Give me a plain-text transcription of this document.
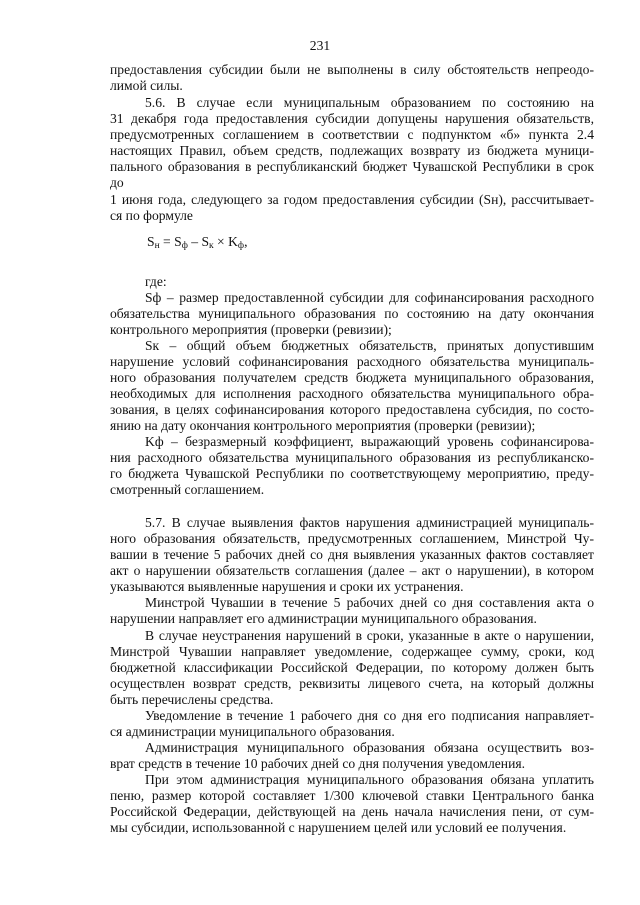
231
предоставления субсидии были не выполнены в силу обстоятельств непреодо-
лимой силы.
5.6. В случае если муниципальным образованием по состоянию на
31 декабря года предоставления субсидии допущены нарушения обязательств,
предусмотренных соглашением в соответствии с подпунктом «б» пункта 2.4
настоящих Правил, объем средств, подлежащих возврату из бюджета муници-
пального образования в республиканский бюджет Чувашской Республики в срок
до
1 июня года, следующего за годом предоставления субсидии (Sн), рассчитывает-
ся по формуле
$S_н = S_ф - S_к \times K_ф$,
где:
Sф – размер предоставленной субсидии для софинансирования расходного
обязательства муниципального образования по состоянию на дату окончания
контрольного мероприятия (проверки (ревизии);
Sк – общий объем бюджетных обязательств, принятых допустившим
нарушение условий софинансирования расходного обязательства муниципаль-
ного образования получателем средств бюджета муниципального образования,
необходимых для исполнения расходного обязательства муниципального обра-
зования, в целях софинансирования которого предоставлена субсидия, по состо-
янию на дату окончания контрольного мероприятия (проверки (ревизии);
Kф – безразмерный коэффициент, выражающий уровень софинансирова-
ния расходного обязательства муниципального образования из республиканско-
го бюджета Чувашской Республики по соответствующему мероприятию, преду-
смотренный соглашением.
5.7. В случае выявления фактов нарушения администрацией муниципаль-
ного образования обязательств, предусмотренных соглашением, Минстрой Чу-
вашии в течение 5 рабочих дней со дня выявления указанных фактов составляет
акт о нарушении обязательств соглашения (далее – акт о нарушении), в котором
указываются выявленные нарушения и сроки их устранения.
Минстрой Чувашии в течение 5 рабочих дней со дня составления акта о
нарушении направляет его администрации муниципального образования.
В случае неустранения нарушений в сроки, указанные в акте о нарушении,
Минстрой Чувашии направляет уведомление, содержащее сумму, сроки, код
бюджетной классификации Российской Федерации, по которому должен быть
осуществлен возврат средств, реквизиты лицевого счета, на который должны
быть перечислены средства.
Уведомление в течение 1 рабочего дня со дня его подписания направляет-
ся администрации муниципального образования.
Администрация муниципального образования обязана осуществить воз-
врат средств в течение 10 рабочих дней со дня получения уведомления.
При этом администрация муниципального образования обязана уплатить
пеню, размер которой составляет 1/300 ключевой ставки Центрального банка
Российской Федерации, действующей на день начала начисления пени, от сум-
мы субсидии, использованной с нарушением целей или условий ее получения.
